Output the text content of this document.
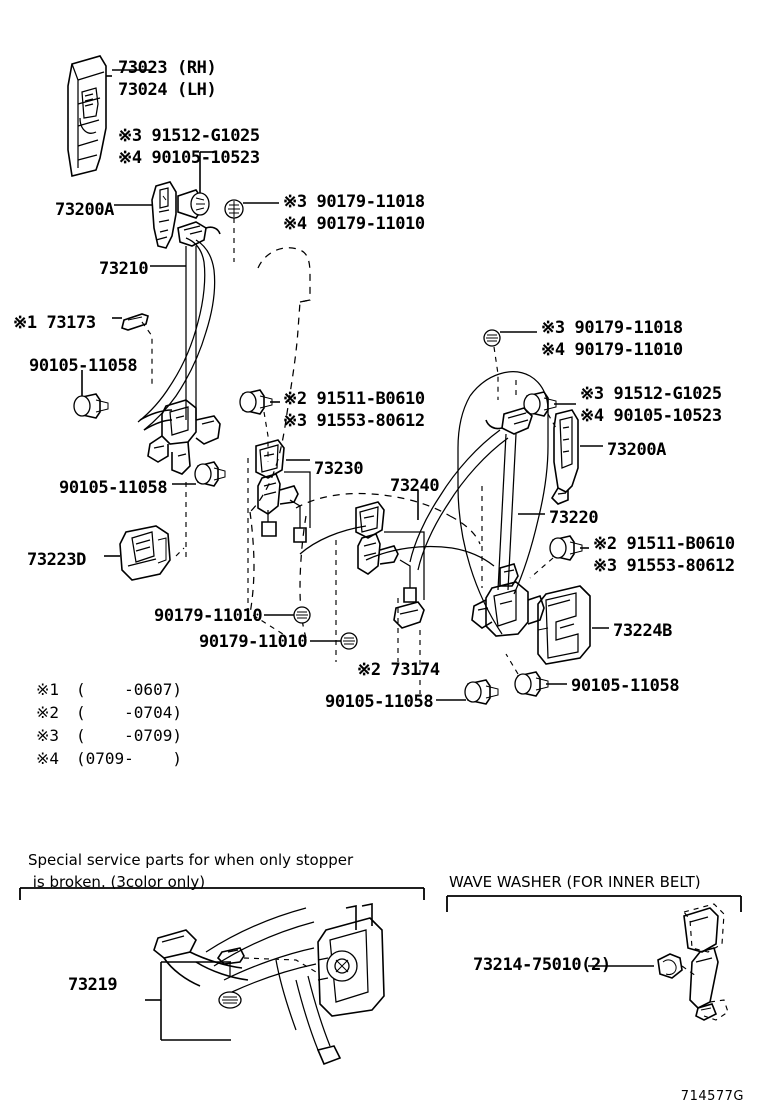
73023 (RH)
73024 (LH)
※3 91512-G1025
※4 90105-10523
73200A	※3 90179-11018
※4 90179-11010
73210
※1 73173
90105-11058
※3 90179-11018
※4 90179-11010
※2 91511-B0610
※3 91553-80612
※3 91512-G1025
※4 90105-10523
73200A
90105-11058
73230
73240
73220
※2 91511-B0610
※3 91553-80612
73223D
90179-11010
90179-11010
73224B
※2 73174
90105-11058
90105-11058
※1 (    -0607)
※2 (    -0704)
※3 (    -0709)
※4 (0709-    )
Special service parts for when only stopper
is broken. (3color only)
73219
WAVE WASHER (FOR INNER BELT)
73214-75010(2)
714577G
